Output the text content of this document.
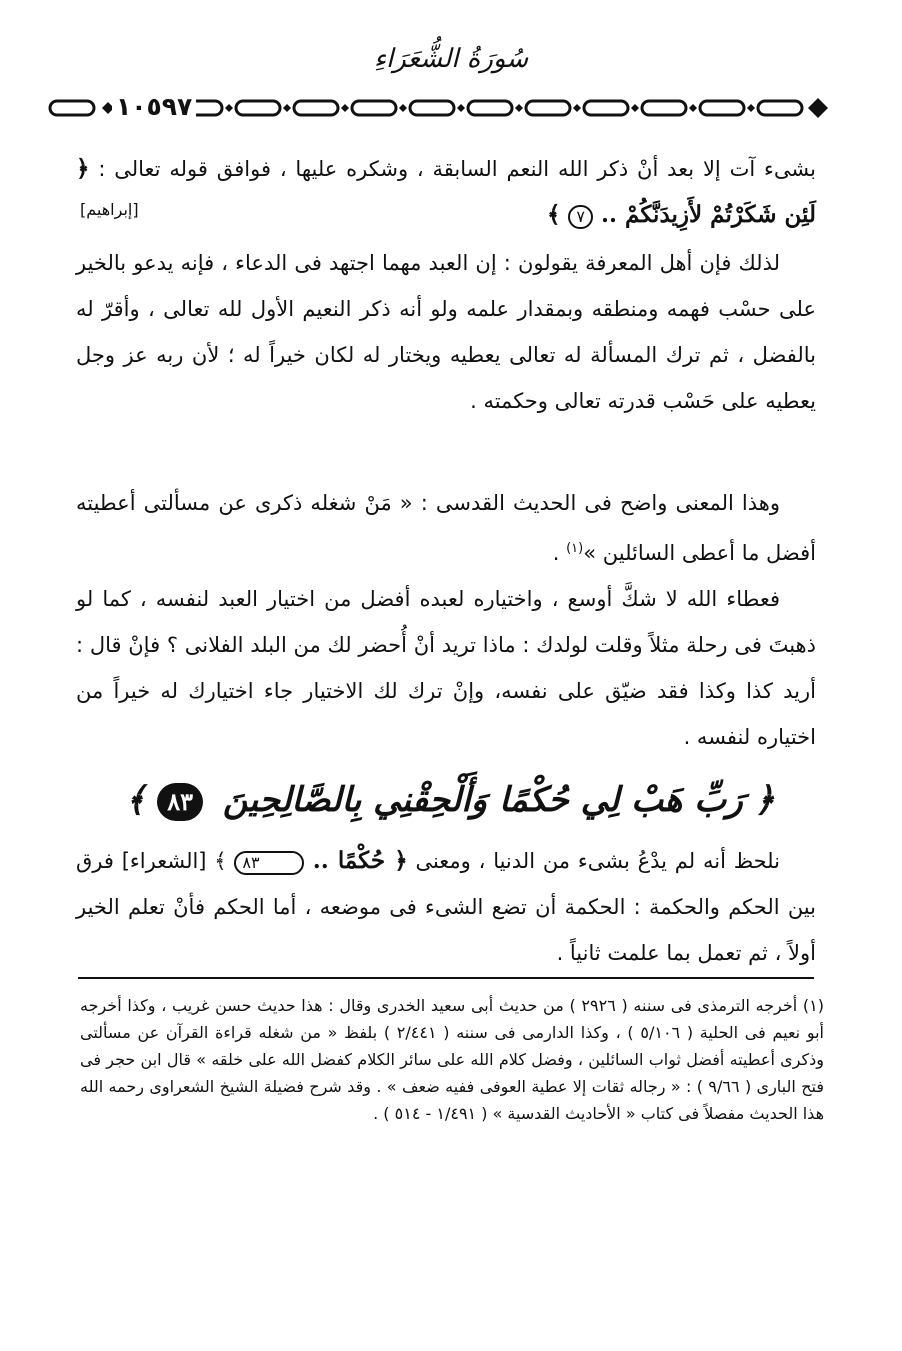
سُورَةُ الشُّعَرَاءِ
١٠٥٩٧

بشىء آت إلا بعد أنْ ذكر الله النعم السابقة ، وشكره عليها ، فوافق قوله تعالى : ﴿ لَئِن شَكَرْتُمْ لأَزِيدَنَّكُمْ .. ٧ ﴾

[إبراهيم]

لذلك فإن أهل المعرفة يقولون : إن العبد مهما اجتهد فى الدعاء ، فإنه يدعو بالخير على حسْب فهمه ومنطقه وبمقدار علمه ولو أنه ذكر النعيم الأول لله تعالى ، وأقرّ له بالفضل ، ثم ترك المسألة له تعالى يعطيه ويختار له لكان خيراً له ؛ لأن ربه عز وجل يعطيه على حَسْب قدرته تعالى وحكمته .

وهذا المعنى واضح فى الحديث القدسى : « مَنْ شغله ذكرى عن مسألتى أعطيته أفضل ما أعطى السائلين »$^{(١)}$ .

فعطاء الله لا شكَّ أوسع ، واختياره لعبده أفضل من اختيار العبد لنفسه ، كما لو ذهبتَ فى رحلة مثلاً وقلت لولدك : ماذا تريد أنْ أُحضر لك من البلد الفلانى ؟ فإنْ قال : أريد كذا وكذا فقد ضيّق على نفسه، وإنْ ترك لك الاختيار جاء اختيارك له خيراً من اختياره لنفسه .

﴿ رَبِّ هَبْ لِي حُكْمًا وَأَلْحِقْنِي بِالصَّالِحِينَ ٨٣ ﴾

نلحظ أنه لم يدْعُ بشىء من الدنيا ، ومعنى ﴿ حُكْمًا .. ٨٣ ﴾ [الشعراء] فرق بين الحكم والحكمة : الحكمة أن تضع الشىء فى موضعه ، أما الحكم فأنْ تعلم الخير أولاً ، ثم تعمل بما علمت ثانياً .

(١) أخرجه الترمذى فى سننه ( ٢٩٢٦ ) من حديث أبى سعيد الخدرى وقال : هذا حديث حسن غريب ، وكذا أخرجه أبو نعيم فى الحلية ( ٥/١٠٦ ) ، وكذا الدارمى فى سننه ( ٢/٤٤١ ) بلفظ « من شغله قراءة القرآن عن مسألتى وذكرى أعطيته أفضل ثواب السائلين ، وفضل كلام الله على سائر الكلام كفضل الله على خلقه » قال ابن حجر فى فتح البارى ( ٩/٦٦ ) : « رجاله ثقات إلا عطية العوفى ففيه ضعف » . وقد شرح فضيلة الشيخ الشعراوى رحمه الله هذا الحديث مفصلاً فى كتاب « الأحاديث القدسية » ( ١/٤٩١ - ٥١٤ ) .
